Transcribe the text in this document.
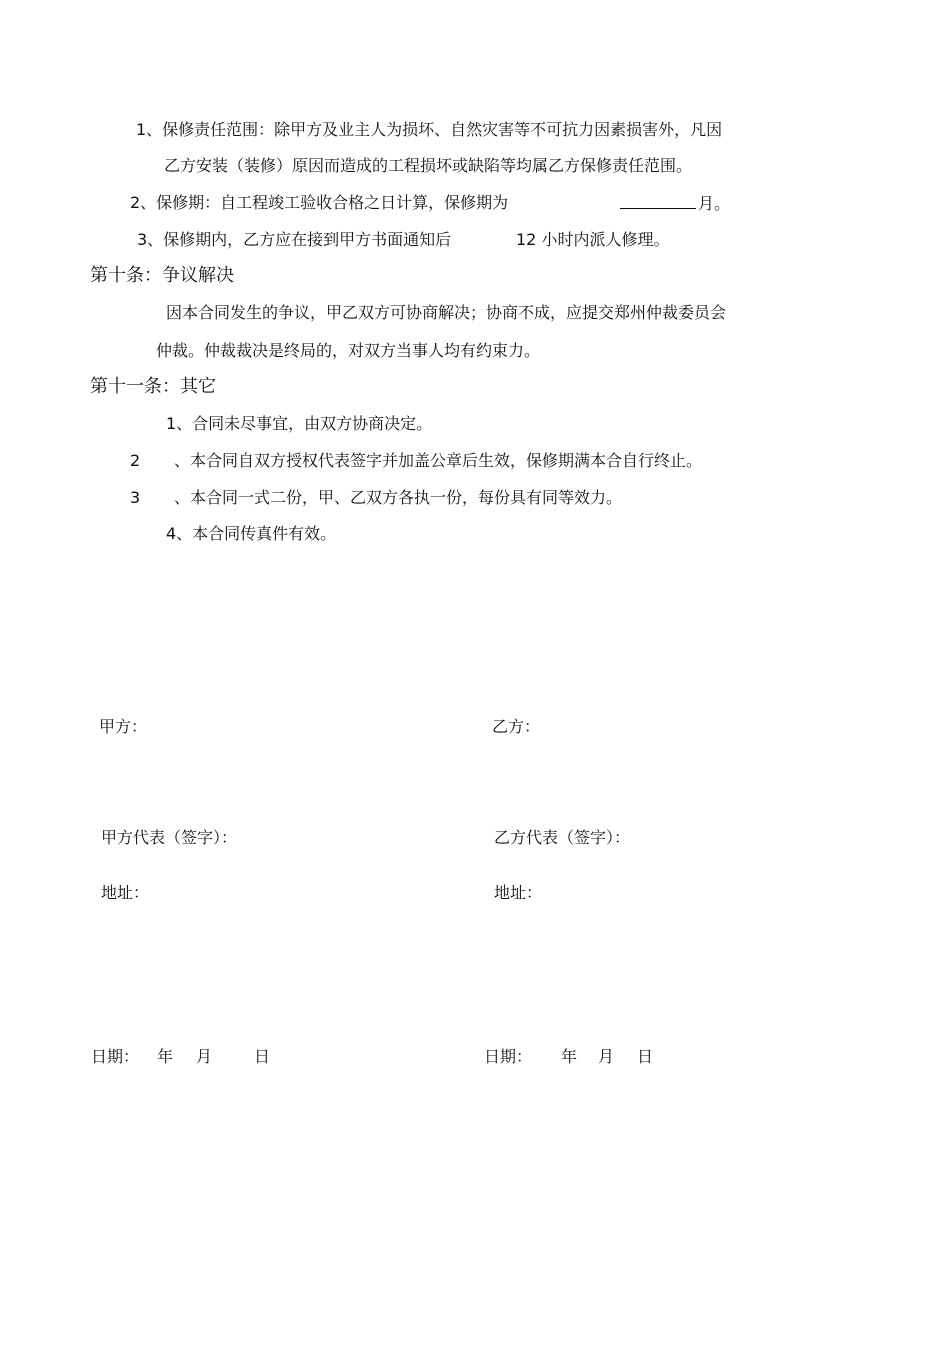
1、保修责任范围：除甲方及业主人为损坏、自然灾害等不可抗力因素损害外，凡因
乙方安装（装修）原因而造成的工程损坏或缺陷等均属乙方保修责任范围。
2、保修期：自工程竣工验收合格之日计算，保修期为	月。
3、保修期内，乙方应在接到甲方书面通知后	12 小时内派人修理。
第十条：争议解决
因本合同发生的争议，甲乙双方可协商解决；协商不成，应提交郑州仲裁委员会
仲裁。仲裁裁决是终局的，对双方当事人均有约束力。
第十一条：其它
1、合同未尽事宜，由双方协商决定。
2 、本合同自双方授权代表签字并加盖公章后生效，保修期满本合自行终止。
3 、本合同一式二份，甲、乙双方各执一份，每份具有同等效力。
4、本合同传真件有效。
甲方：	乙方：
甲方代表（签字）：	乙方代表（签字）：
地址：	地址：
日期： 年 月	日	日期： 年 月 日
